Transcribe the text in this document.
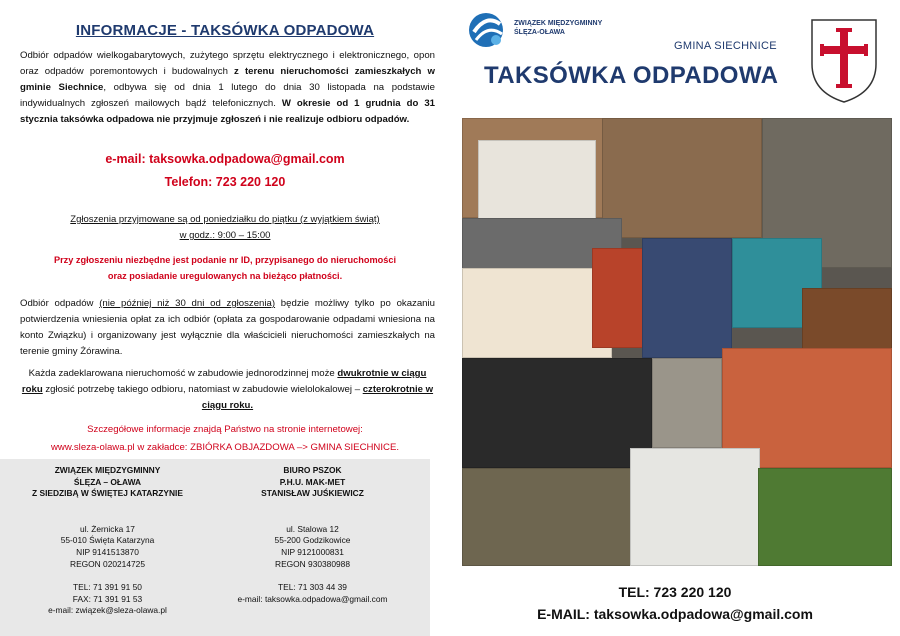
INFORMACJE - TAKSÓWKA ODPADOWA
Odbiór odpadów wielkogabarytowych, zużytego sprzętu elektrycznego i elektronicznego, opon oraz odpadów poremontowych i budowalnych z terenu nieruchomości zamieszkałych w gminie Siechnice, odbywa się od dnia 1 lutego do dnia 30 listopada na podstawie indywidualnych zgłoszeń mailowych bądź telefonicznych. W okresie od 1 grudnia do 31 stycznia taksówka odpadowa nie przyjmuje zgłoszeń i nie realizuje odbioru odpadów.
e-mail: taksowka.odpadowa@gmail.com
Telefon: 723 220 120
Zgłoszenia przyjmowane są od poniedziałku do piątku (z wyjątkiem świąt)
w godz.: 9:00 – 15:00
Przy zgłoszeniu niezbędne jest podanie nr ID, przypisanego do nieruchomości
oraz posiadanie uregulowanych na bieżąco płatności.
Odbiór odpadów (nie później niż 30 dni od zgłoszenia) będzie możliwy tylko po okazaniu potwierdzenia wniesienia opłat za ich odbiór (opłata za gospodarowanie odpadami wniesiona na konto Związku) i organizowany jest wyłącznie dla właścicieli nieruchomości zamieszkałych na terenie gminy Żórawina.
Każda zadeklarowana nieruchomość w zabudowie jednorodzinnej może dwukrotnie w ciągu roku zgłosić potrzebę takiego odbioru, natomiast w zabudowie wielolokalowej – czterokrotnie w ciągu roku.
Szczegółowe informacje znajdą Państwo na stronie internetowej:
www.sleza-olawa.pl w zakładce: ZBIÓRKA OBJAZDOWA –> GMINA SIECHNICE.
ZWIĄZEK MIĘDZYGMINNY
ŚLĘZA – OŁAWA
Z SIEDZIBĄ W ŚWIĘTEJ KATARZYNIE
ul. Żernicka 17
55-010 Święta Katarzyna
NIP 9141513870
REGON 020214725
TEL: 71 391 91 50
FAX: 71 391 91 53
e-mail: związek@sleza-olawa.pl
BIURO PSZOK
P.H.U. MAK-MET
STANISŁAW JUŚKIEWICZ
ul. Stalowa 12
55-200 Godzikowice
NIP 9121000831
REGON 930380988
TEL: 71 303 44 39
e-mail: taksowka.odpadowa@gmail.com
ZWIĄZEK MIĘDZYGMINNY
ŚLĘZA-OŁAWA
GMINA SIECHNICE
TAKSÓWKA ODPADOWA
TEL: 723 220 120
E-MAIL: taksowka.odpadowa@gmail.com
